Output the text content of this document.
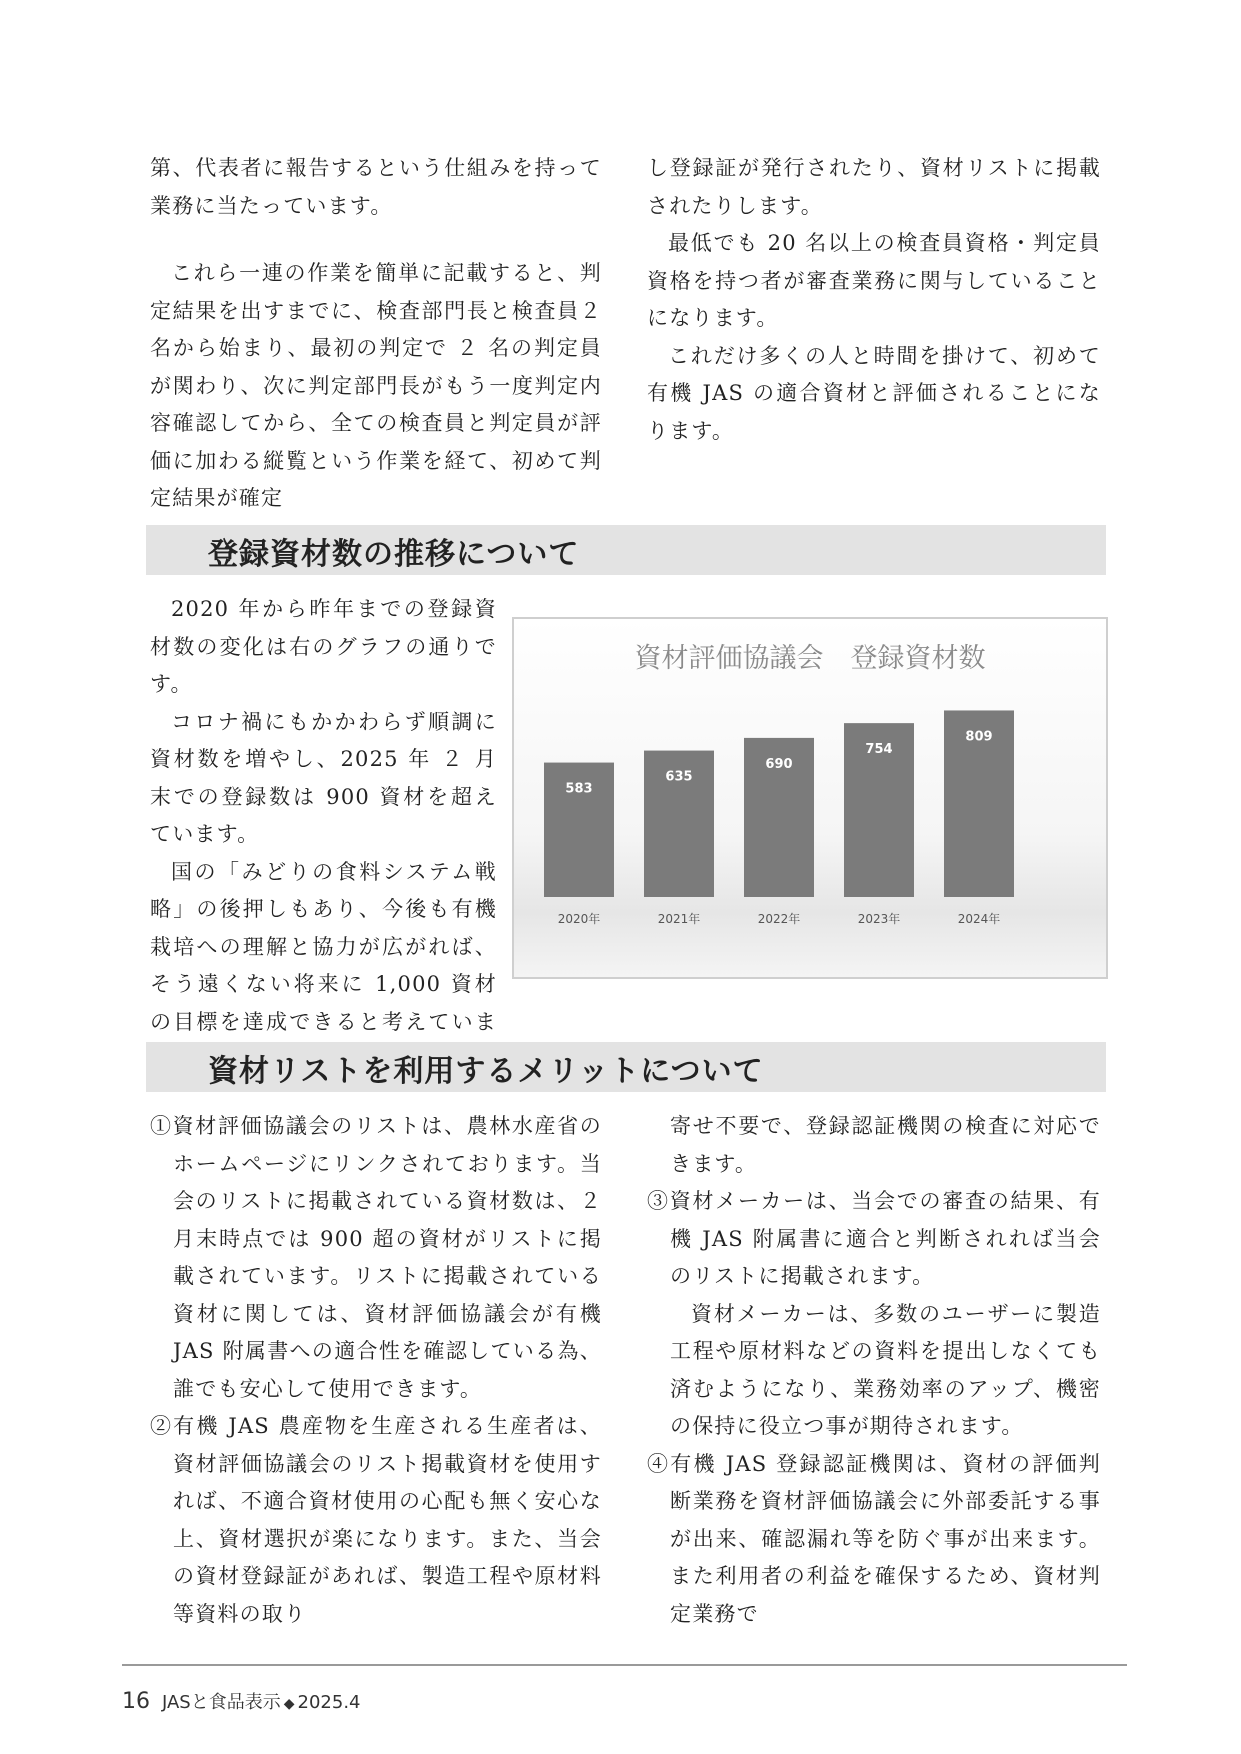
第、代表者に報告するという仕組みを持って業務に当たっています。

これら一連の作業を簡単に記載すると、判定結果を出すまでに、検査部門長と検査員２名から始まり、最初の判定で ２ 名の判定員が関わり、次に判定部門長がもう一度判定内容確認してから、全ての検査員と判定員が評価に加わる縦覧という作業を経て、初めて判定結果が確定

し登録証が発行されたり、資材リストに掲載されたりします。

最低でも 20 名以上の検査員資格・判定員資格を持つ者が審査業務に関与していることになります。

これだけ多くの人と時間を掛けて、初めて有機 JAS の適合資材と評価されることになります。

登録資材数の推移について

2020 年から昨年までの登録資材数の変化は右のグラフの通りです。

コロナ禍にもかかわらず順調に資材数を増やし、2025 年 ２ 月末での登録数は 900 資材を超えています。

国の「みどりの食料システム戦略」の後押しもあり、今後も有機栽培への理解と協力が広がれば、そう遠くない将来に 1,000 資材の目標を達成できると考えていま

資材評価協議会　登録資材数
583
2020年
635
2021年
690
2022年
754
2023年
809
2024年
資材リストを利用するメリットについて

①資材評価協議会のリストは、農林水産省のホームページにリンクされております。当会のリストに掲載されている資材数は、２月末時点では 900 超の資材がリストに掲載されています。リストに掲載されている資材に関しては、資材評価協議会が有機 JAS 附属書への適合性を確認している為、誰でも安心して使用できます。

②有機 JAS 農産物を生産される生産者は、資材評価協議会のリスト掲載資材を使用すれば、不適合資材使用の心配も無く安心な上、資材選択が楽になります。また、当会の資材登録証があれば、製造工程や原材料等資料の取り

寄せ不要で、登録認証機関の検査に対応できます。

③資材メーカーは、当会での審査の結果、有機 JAS 附属書に適合と判断されれば当会のリストに掲載されます。

資材メーカーは、多数のユーザーに製造工程や原材料などの資料を提出しなくても済むようになり、業務効率のアップ、機密の保持に役立つ事が期待されます。

④有機 JAS 登録認証機関は、資材の評価判断業務を資材評価協議会に外部委託する事が出来、確認漏れ等を防ぐ事が出来ます。また利用者の利益を確保するため、資材判定業務で

16 JASと食品表示 ◆ 2025.4
